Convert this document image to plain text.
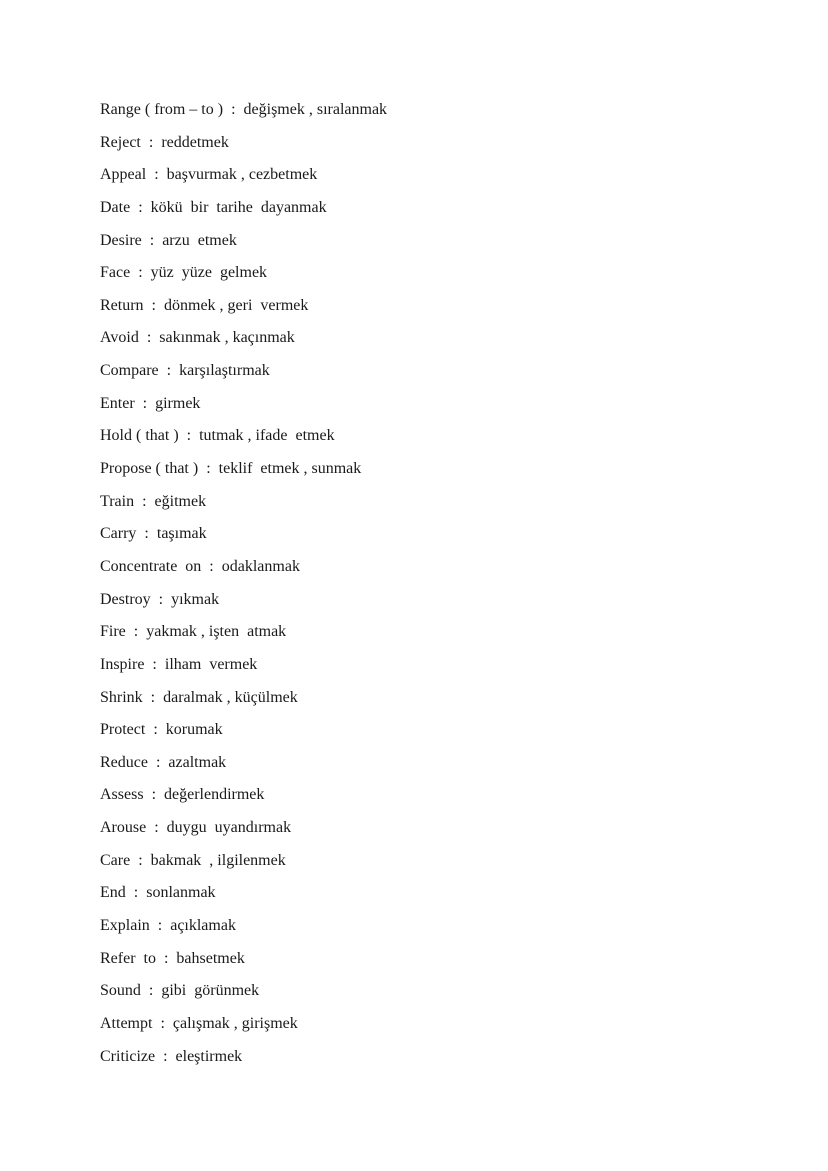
Range ( from – to )  :  değişmek , sıralanmak
Reject  :  reddetmek
Appeal  :  başvurmak , cezbetmek
Date  :  kökü  bir  tarihe  dayanmak
Desire  :  arzu  etmek
Face  :  yüz  yüze  gelmek
Return  :  dönmek , geri  vermek
Avoid  :  sakınmak , kaçınmak
Compare  :  karşılaştırmak
Enter  :  girmek
Hold ( that )  :  tutmak , ifade  etmek
Propose ( that )  :  teklif  etmek , sunmak
Train  :  eğitmek
Carry  :  taşımak
Concentrate  on  :  odaklanmak
Destroy  :  yıkmak
Fire  :  yakmak , işten  atmak
Inspire  :  ilham  vermek
Shrink  :  daralmak , küçülmek
Protect  :  korumak
Reduce  :  azaltmak
Assess  :  değerlendirmek
Arouse  :  duygu  uyandırmak
Care  :  bakmak  , ilgilenmek
End  :  sonlanmak
Explain  :  açıklamak
Refer  to  :  bahsetmek
Sound  :  gibi  görünmek
Attempt  :  çalışmak , girişmek
Criticize  :  eleştirmek
